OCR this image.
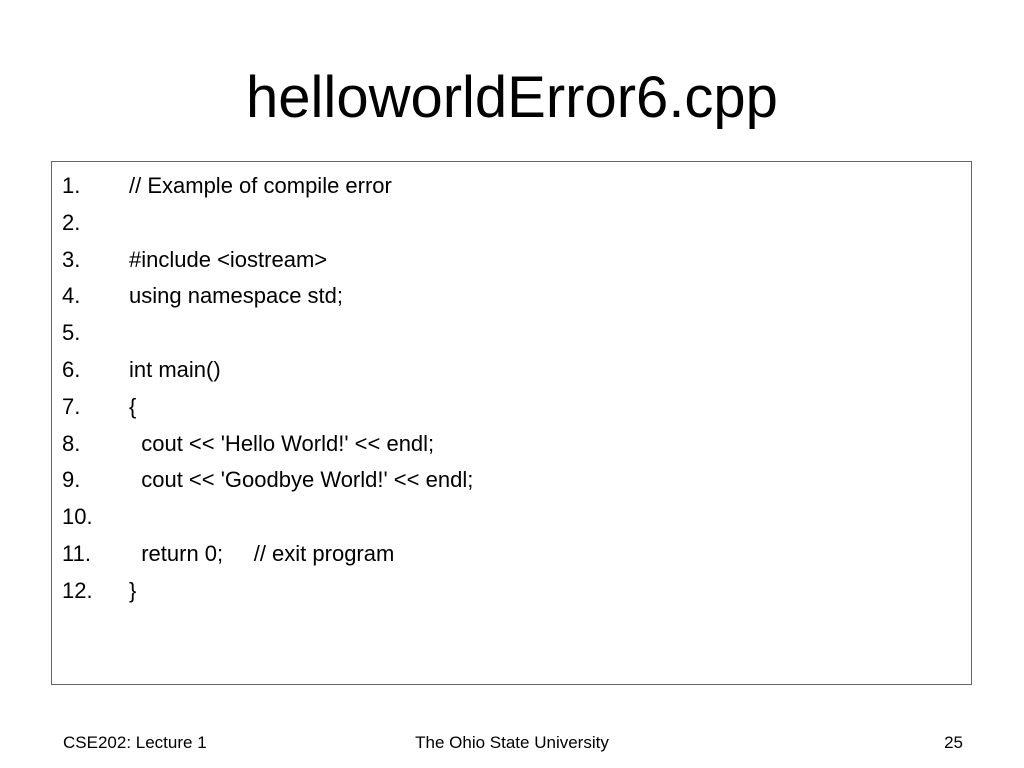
helloworldError6.cpp

1.

// Example of compile error

2.

3.

#include <iostream>

4.

using namespace std;

5.

6.

int main()

7.

{

8.

cout << 'Hello World!' << endl;

9.

cout << 'Goodbye World!' << endl;

10.

11.

return 0;     // exit program

12.

}

CSE202: Lecture 1	The Ohio State University	25
